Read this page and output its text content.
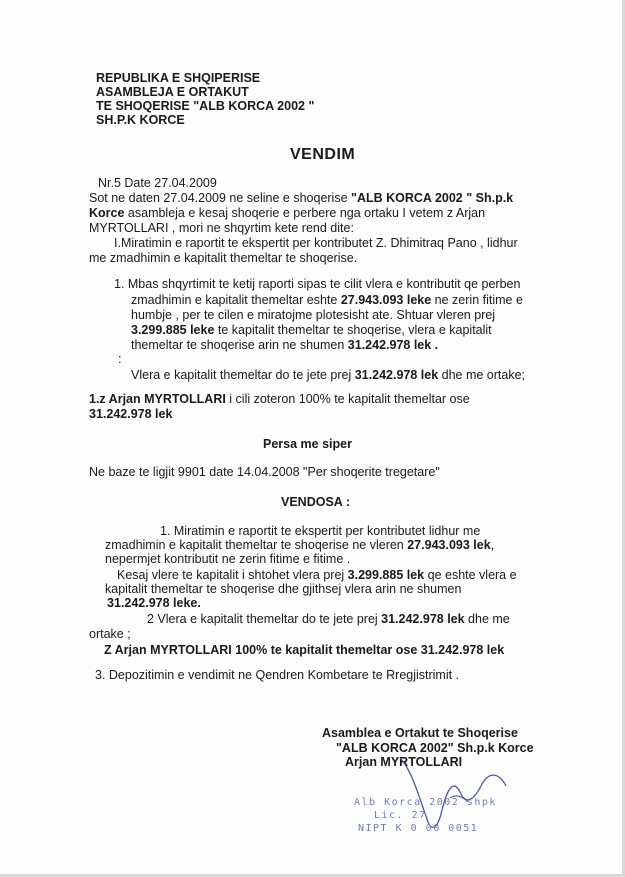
REPUBLIKA E SHQIPERISE
ASAMBLEJA E ORTAKUT
TE SHOQERISE "ALB KORCA 2002 "
SH.P.K KORCE
VENDIM
Nr.5 Date 27.04.2009
Sot ne daten 27.04.2009 ne seline e shoqerise "ALB KORCA 2002 " Sh.p.k
Korce asambleja e kesaj shoqerie e perbere nga ortaku I vetem z Arjan
MYRTOLLARI , mori ne shqyrtim kete rend dite:
I.Miratimin e raportit te ekspertit per kontributet Z. Dhimitraq Pano , lidhur
me zmadhimin e kapitalit themeltar te shoqerise.
1. Mbas shqyrtimit te ketij raporti sipas te cilit vlera e kontributit qe perben
zmadhimin e kapitalit themeltar eshte 27.943.093 leke ne zerin fitime e
humbje , per te cilen e miratojme plotesisht ate. Shtuar vleren prej
3.299.885 leke te kapitalit themeltar te shoqerise, vlera e kapitalit
themeltar te shoqerise arin ne shumen 31.242.978 lek .
:
Vlera e kapitalit themeltar do te jete prej 31.242.978 lek dhe me ortake;
1.z Arjan MYRTOLLARI i cili zoteron 100% te kapitalit themeltar ose
31.242.978 lek
Persa me siper
Ne baze te ligjit 9901 date 14.04.2008 "Per shoqerite tregetare"
VENDOSA :
1. Miratimin e raportit te ekspertit per kontributet lidhur me
zmadhimin e kapitalit themeltar te shoqerise ne vleren 27.943.093 lek,
nepermjet kontributit ne zerin fitime e fitime .
Kesaj vlere te kapitalit i shtohet vlera prej 3.299.885 lek qe eshte vlera e
kapitalit themeltar te shoqerise dhe gjithsej vlera arin ne shumen
31.242.978 leke.
2 Vlera e kapitalit themeltar do te jete prej 31.242.978 lek dhe me
ortake ;
Z Arjan MYRTOLLARI 100% te kapitalit themeltar ose 31.242.978 lek
3. Depozitimin e vendimit ne Qendren Kombetare te Rregjistrimit .
Asamblea e Ortakut te Shoqerise
"ALB KORCA 2002" Sh.p.k Korce
Arjan MYRTOLLARI
Alb Korca 2002 shpk
Lic. 27
NIPT K 0 00 0051
